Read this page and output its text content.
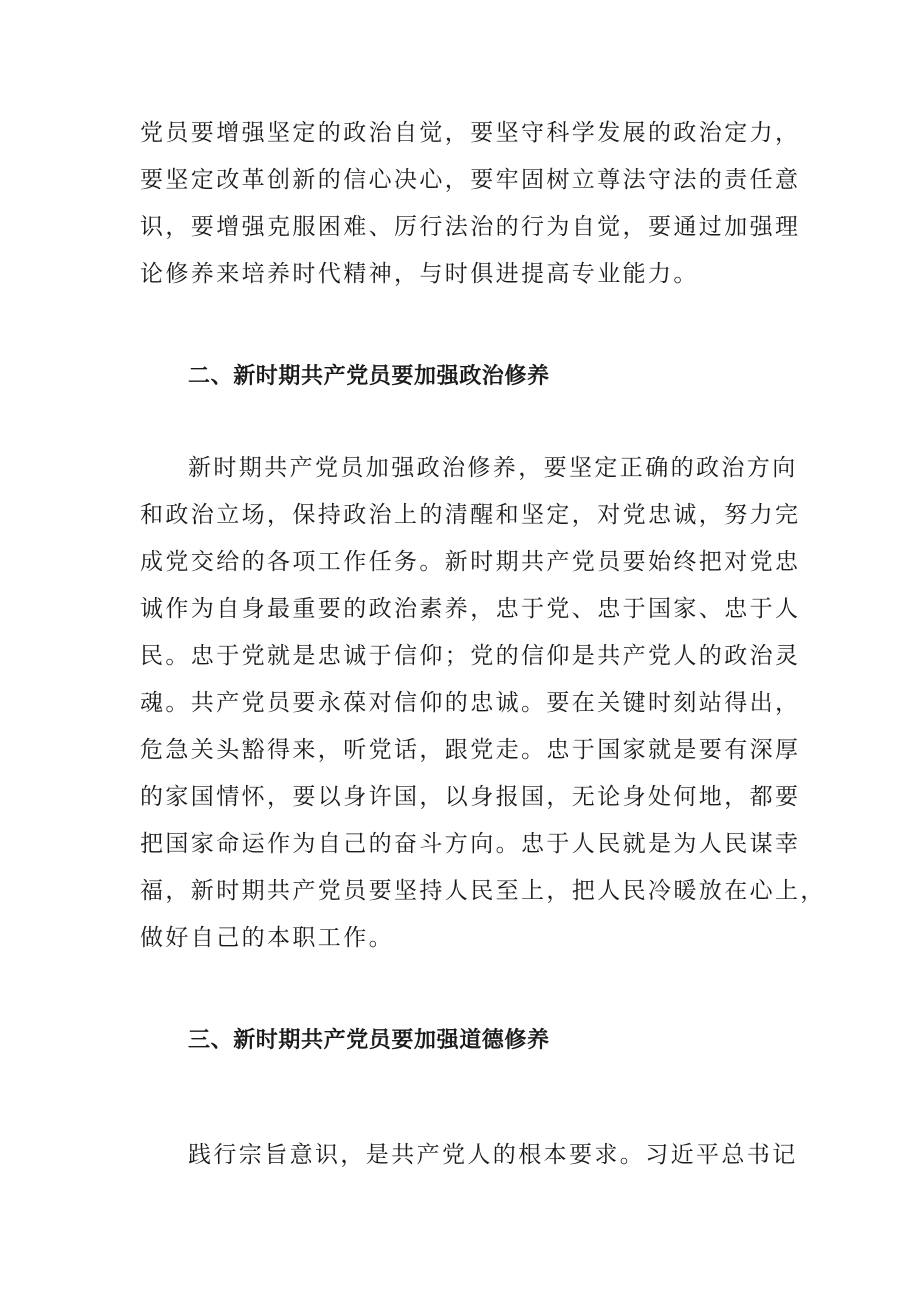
党员要增强坚定的政治自觉，要坚守科学发展的政治定力，
要坚定改革创新的信心决心，要牢固树立尊法守法的责任意
识，要增强克服困难、厉行法治的行为自觉，要通过加强理
论修养来培养时代精神，与时俱进提高专业能力。
二、新时期共产党员要加强政治修养
新时期共产党员加强政治修养，要坚定正确的政治方向
和政治立场，保持政治上的清醒和坚定，对党忠诚，努力完
成党交给的各项工作任务。新时期共产党员要始终把对党忠
诚作为自身最重要的政治素养，忠于党、忠于国家、忠于人
民。忠于党就是忠诚于信仰；党的信仰是共产党人的政治灵
魂。共产党员要永葆对信仰的忠诚。要在关键时刻站得出，
危急关头豁得来，听党话，跟党走。忠于国家就是要有深厚
的家国情怀，要以身许国，以身报国，无论身处何地，都要
把国家命运作为自己的奋斗方向。忠于人民就是为人民谋幸
福，新时期共产党员要坚持人民至上，把人民冷暖放在心上，
做好自己的本职工作。
三、新时期共产党员要加强道德修养
践行宗旨意识，是共产党人的根本要求。习近平总书记
